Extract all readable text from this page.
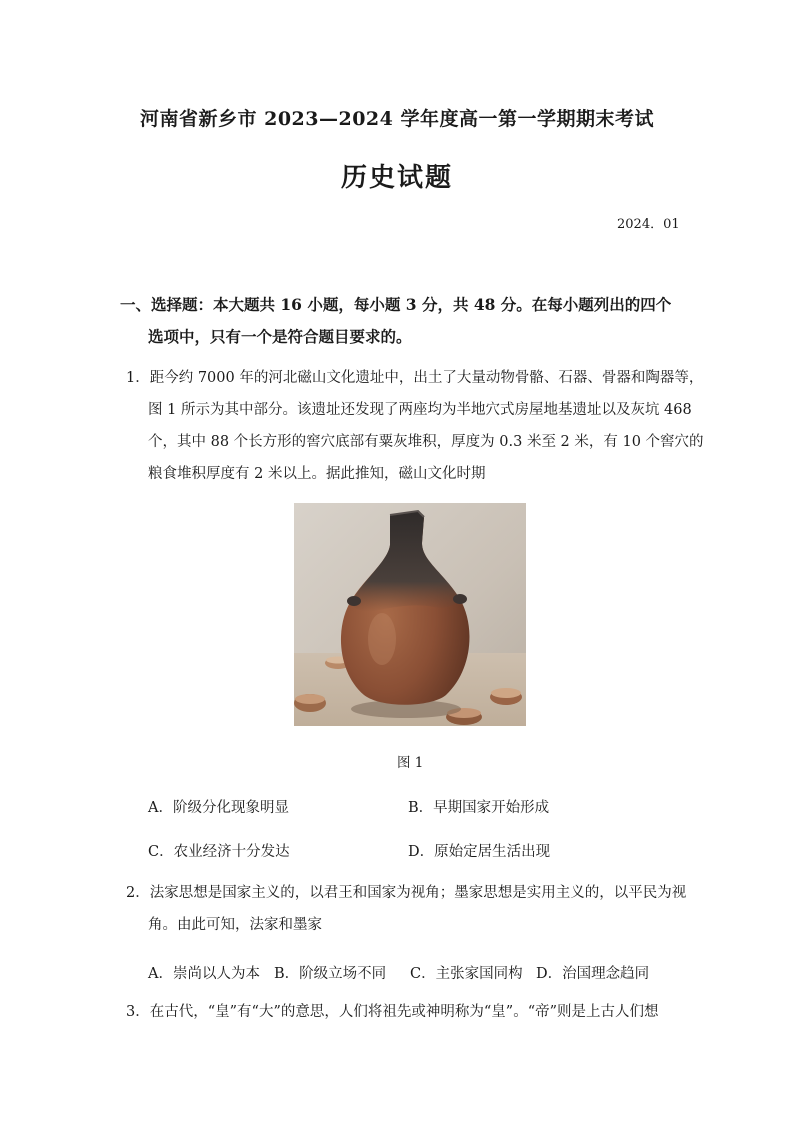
河南省新乡市 2023—2024 学年度高一第一学期期末考试
历史试题
2024．01
一、选择题：本大题共 16 小题，每小题 3 分，共 48 分。在每小题列出的四个
选项中，只有一个是符合题目要求的。
1．距今约 7000 年的河北磁山文化遗址中，出土了大量动物骨骼、石器、骨器和陶器等，
图 1 所示为其中部分。该遗址还发现了两座均为半地穴式房屋地基遗址以及灰坑 468
个，其中 88 个长方形的窖穴底部有粟灰堆积，厚度为 0.3 米至 2 米，有 10 个窖穴的
粮食堆积厚度有 2 米以上。据此推知，磁山文化时期
图 1
A．阶级分化现象明显	B．早期国家开始形成
C．农业经济十分发达	D．原始定居生活出现
2．法家思想是国家主义的，以君王和国家为视角；墨家思想是实用主义的，以平民为视
角。由此可知，法家和墨家
A．崇尚以人为本 B．阶级立场不同 C．主张家国同构 D．治国理念趋同
3．在古代，“皇”有“大”的意思，人们将祖先或神明称为“皇”。“帝”则是上古人们想
